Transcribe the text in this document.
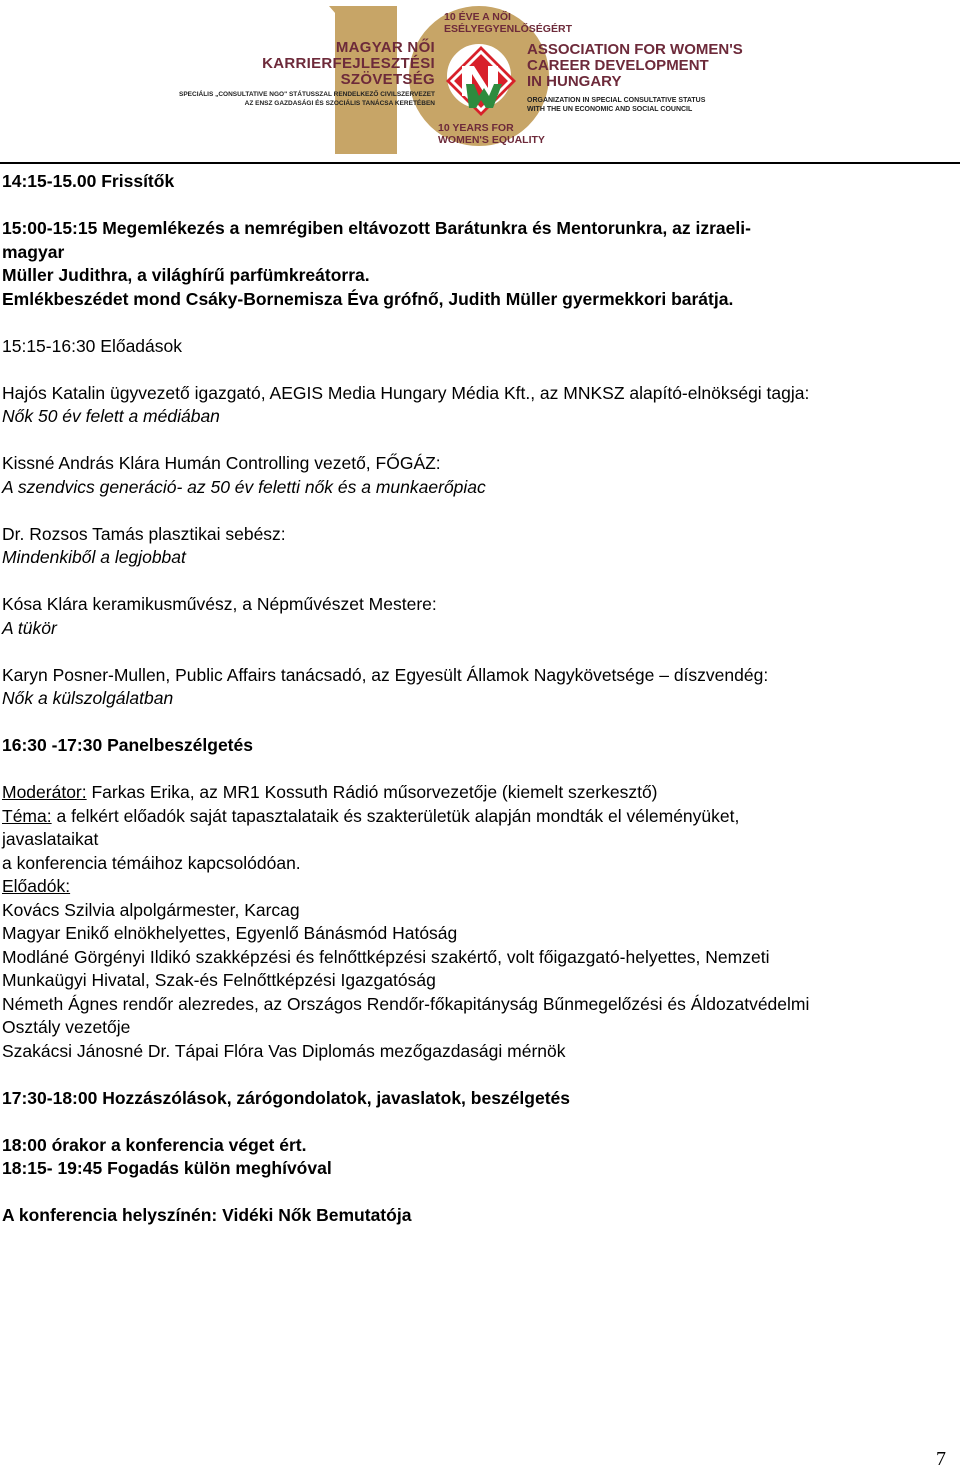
10 ÉVE A NŐI
ESÉLYEGYENLŐSÉGÉRT
MAGYAR NŐI
KARRIERFEJLESZTÉSI
SZÖVETSÉG
SPECIÁLIS „CONSULTATIVE NGO" STÁTUSSZAL RENDELKEZŐ CIVILSZERVEZET
AZ ENSZ GAZDASÁGI ÉS SZOCIÁLIS TANÁCSA KERETÉBEN
ASSOCIATION FOR WOMEN'S
CAREER DEVELOPMENT
IN HUNGARY
ORGANIZATION IN SPECIAL CONSULTATIVE STATUS
WITH THE UN ECONOMIC AND SOCIAL COUNCIL
10 YEARS FOR
WOMEN'S EQUALITY

14:15-15.00 Frissítők

15:00-15:15 Megemlékezés a nemrégiben eltávozott Barátunkra és Mentorunkra, az izraeli-

magyar

Müller Judithra, a világhírű parfümkreátorra.

Emlékbeszédet mond Csáky-Bornemisza Éva grófnő, Judith Müller gyermekkori barátja.

15:15-16:30 Előadások

Hajós Katalin ügyvezető igazgató, AEGIS Media Hungary Média Kft., az MNKSZ alapító-elnökségi tagja:

Nők 50 év felett a médiában

Kissné András Klára Humán Controlling vezető, FŐGÁZ:

A szendvics generáció- az 50 év feletti nők és a munkaerőpiac

Dr. Rozsos Tamás plasztikai sebész:

Mindenkiből a legjobbat

Kósa Klára keramikusművész, a Népművészet Mestere:

A tükör

Karyn Posner-Mullen, Public Affairs tanácsadó, az Egyesült Államok Nagykövetsége – díszvendég:

Nők a külszolgálatban

16:30 -17:30 Panelbeszélgetés

Moderátor: Farkas Erika, az MR1 Kossuth Rádió műsorvezetője (kiemelt szerkesztő)

Téma: a felkért előadók saját tapasztalataik és szakterületük alapján mondták el véleményüket,

javaslataikat

a konferencia témáihoz kapcsolódóan.

Előadók:

Kovács Szilvia alpolgármester, Karcag

Magyar Enikő elnökhelyettes, Egyenlő Bánásmód Hatóság

Modláné Görgényi Ildikó szakképzési és felnőttképzési szakértő, volt főigazgató-helyettes, Nemzeti

Munkaügyi Hivatal, Szak-és Felnőttképzési Igazgatóság

Németh Ágnes rendőr alezredes, az Országos Rendőr-főkapitányság Bűnmegelőzési és Áldozatvédelmi

Osztály vezetője

Szakácsi Jánosné Dr. Tápai Flóra Vas Diplomás mezőgazdasági mérnök

17:30-18:00 Hozzászólások, zárógondolatok, javaslatok, beszélgetés

18:00 órakor a konferencia véget ért.

18:15- 19:45 Fogadás külön meghívóval

A konferencia helyszínén: Vidéki Nők Bemutatója

7
